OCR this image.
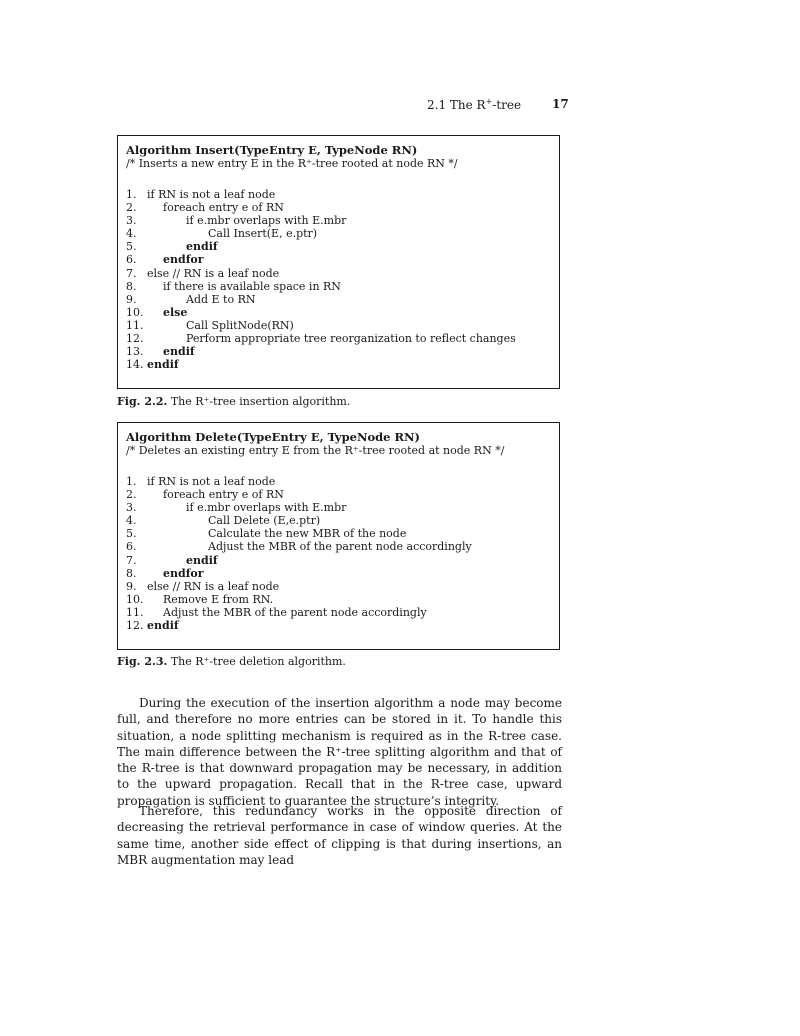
2.1 The R+-tree	17
Algorithm Insert(TypeEntry E, TypeNode RN)
/* Inserts a new entry E in the R⁺-tree rooted at node RN */
1. if RN is not a leaf node
2. foreach entry e of RN
3.	if e.mbr overlaps with E.mbr
4.	Call Insert(E, e.ptr)
5.	endif
6. endfor
7. else // RN is a leaf node
8. if there is available space in RN
9.	Add E to RN
10. else
11.	Call SplitNode(RN)
12.	Perform appropriate tree reorganization to reflect changes
13. endif
14. endif
Fig. 2.2. The R⁺-tree insertion algorithm.
Algorithm Delete(TypeEntry E, TypeNode RN)
/* Deletes an existing entry E from the R⁺-tree rooted at node RN */
1. if RN is not a leaf node
2. foreach entry e of RN
3.	if e.mbr overlaps with E.mbr
4.	Call Delete (E,e.ptr)
5.	Calculate the new MBR of the node
6.	Adjust the MBR of the parent node accordingly
7.	endif
8. endfor
9. else // RN is a leaf node
10. Remove E from RN.
11. Adjust the MBR of the parent node accordingly
12. endif
Fig. 2.3. The R⁺-tree deletion algorithm.
During the execution of the insertion algorithm a node may become full, and therefore no more entries can be stored in it. To handle this situation, a node splitting mechanism is required as in the R-tree case. The main difference between the R⁺-tree splitting algorithm and that of the R-tree is that downward propagation may be necessary, in addition to the upward propagation. Recall that in the R-tree case, upward propagation is sufficient to guarantee the structure’s integrity.
Therefore, this redundancy works in the opposite direction of decreasing the retrieval performance in case of window queries. At the same time, another side effect of clipping is that during insertions, an MBR augmentation may lead
